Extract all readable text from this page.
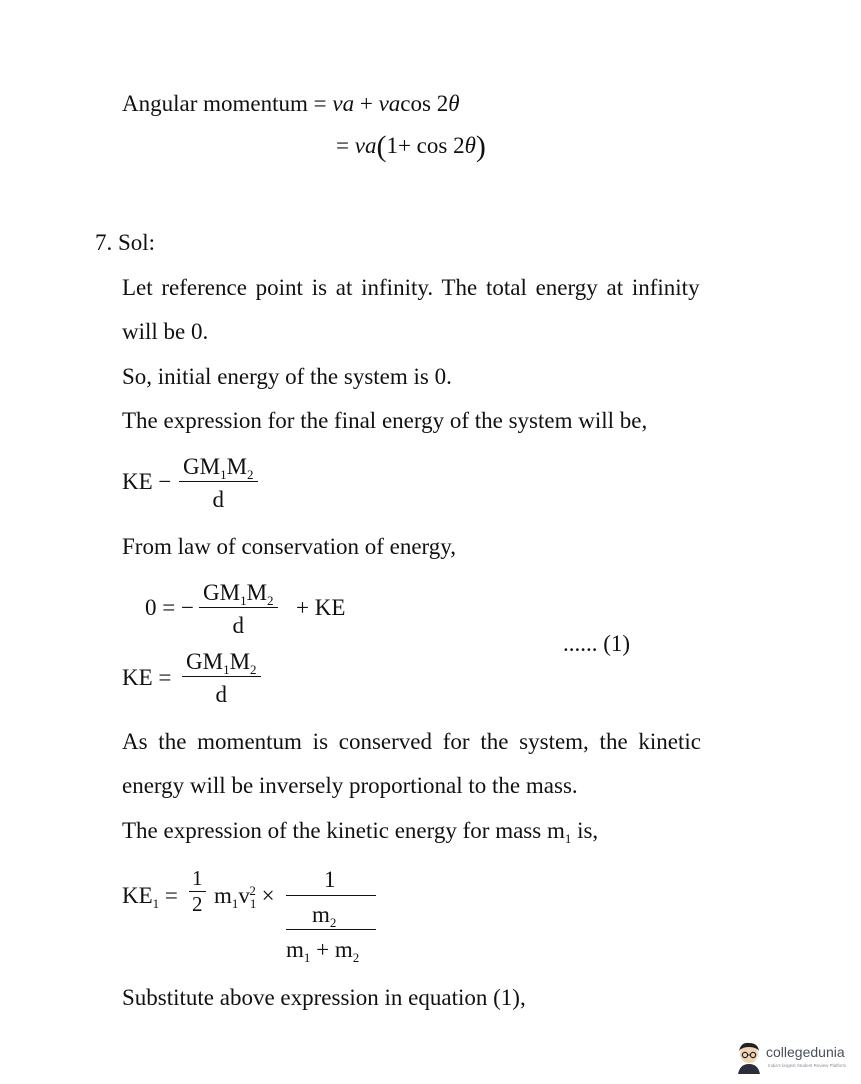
Angular momentum = va + vacos 2θ
= va(1+ cos 2θ)
7. Sol:
Let reference point is at infinity. The total energy at infinity
will be 0.
So, initial energy of the system is 0.
The expression for the final energy of the system will be,
KE −
$GM_1M_2$
d
From law of conservation of energy,
0 = −
$GM_1M_2$
d
+ KE
...... (1)
KE =
$GM_1M_2$
d
As the momentum is conserved for the system, the kinetic
energy will be inversely proportional to the mass.
The expression of the kinetic energy for mass $m_1$ is,
$KE_1$ =
1
2 $m_1v_1^2$ ×
1
$m_2$
$m_1 + m_2$
Substitute above expression in equation (1),
collegedunia
India's largest Student Review Platform
